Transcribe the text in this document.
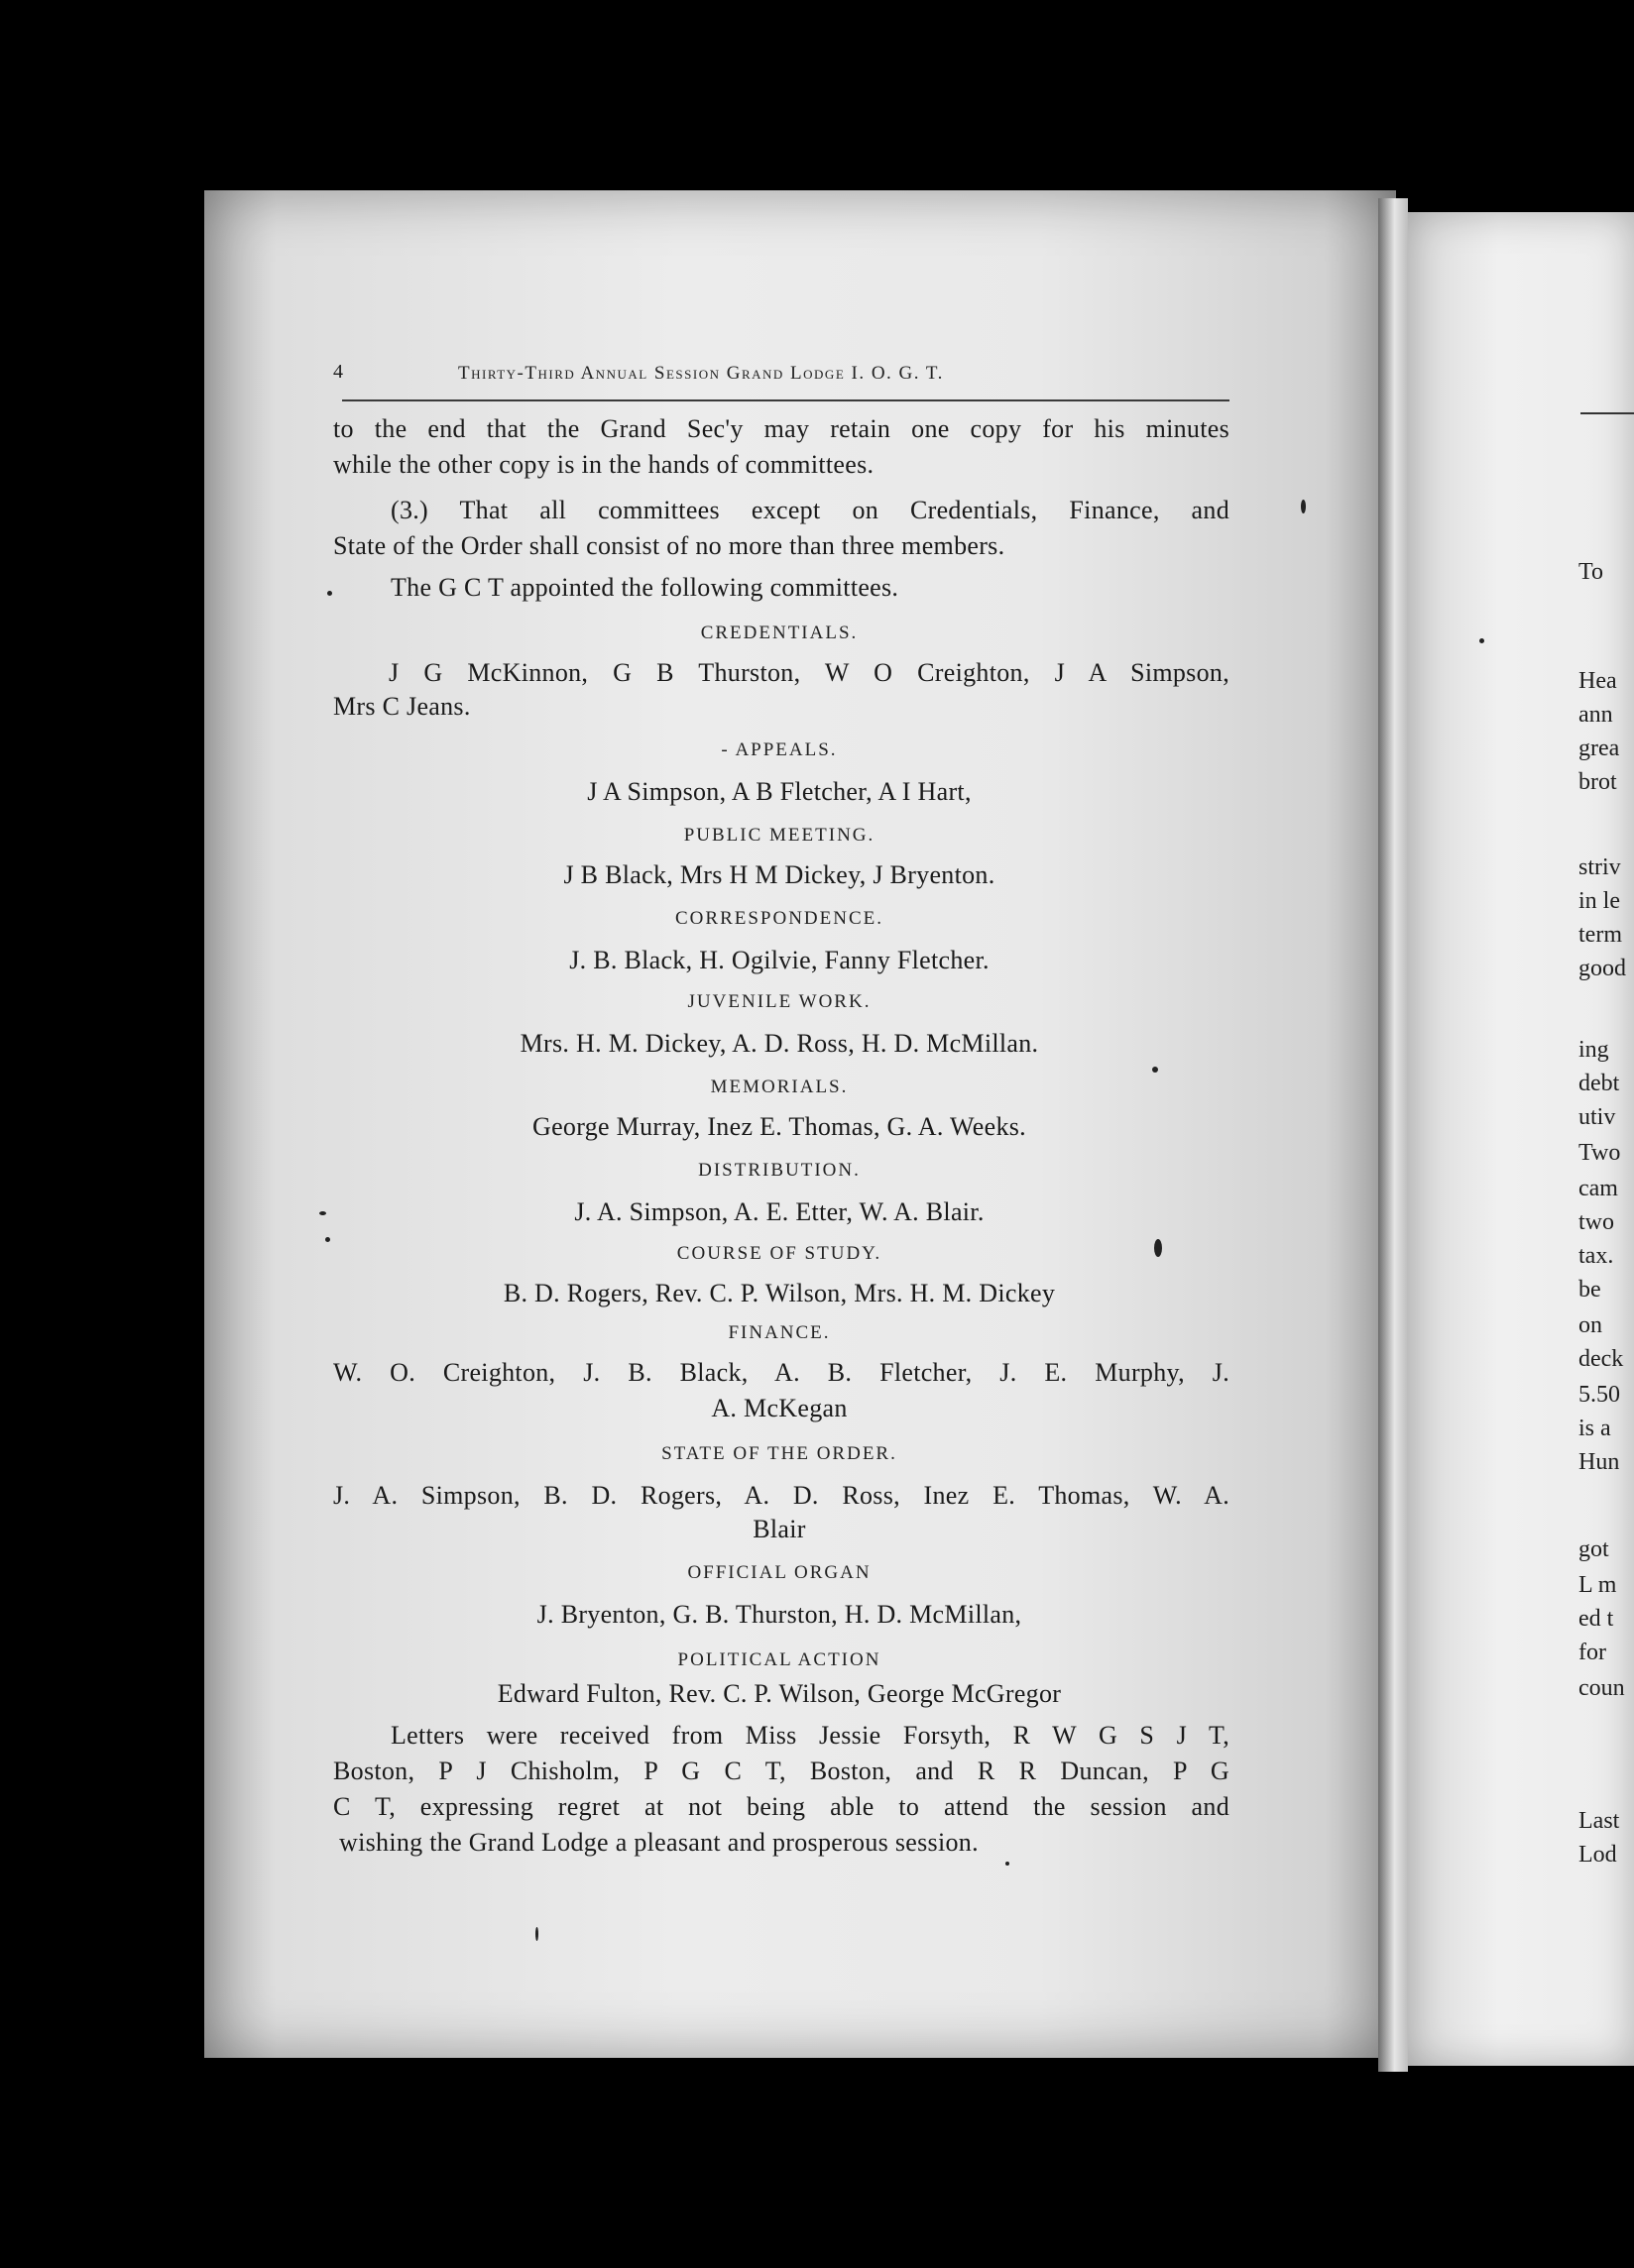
4	Thirty-Third Annual Session Grand Lodge I. O. G. T.
to the end that the Grand Sec'y may retain one copy for his minutes
while the other copy is in the hands of committees.
(3.) That all committees except on Credentials, Finance, and
State of the Order shall consist of no more than three members.
The G C T appointed the following committees.
CREDENTIALS.
J G McKinnon, G B Thurston, W O Creighton, J A Simpson,
Mrs C Jeans.
- APPEALS.
J A Simpson, A B Fletcher, A I Hart,
PUBLIC MEETING.
J B Black, Mrs H M Dickey, J Bryenton.
CORRESPONDENCE.
J. B. Black, H. Ogilvie, Fanny Fletcher.
JUVENILE WORK.
Mrs. H. M. Dickey, A. D. Ross, H. D. McMillan.
MEMORIALS.
George Murray, Inez E. Thomas, G. A. Weeks.
DISTRIBUTION.
J. A. Simpson, A. E. Etter, W. A. Blair.
COURSE OF STUDY.
B. D. Rogers, Rev. C. P. Wilson, Mrs. H. M. Dickey
FINANCE.
W. O. Creighton, J. B. Black, A. B. Fletcher, J. E. Murphy, J.
A. McKegan
STATE OF THE ORDER.
J. A. Simpson, B. D. Rogers, A. D. Ross, Inez E. Thomas, W. A.
Blair
OFFICIAL ORGAN
J. Bryenton, G. B. Thurston, H. D. McMillan,
POLITICAL ACTION
Edward Fulton, Rev. C. P. Wilson, George McGregor
Letters were received from Miss Jessie Forsyth, R W G S J T,
Boston, P J Chisholm, P G C T, Boston, and R R Duncan, P G
C T, expressing regret at not being able to attend the session and
wishing the Grand Lodge a pleasant and prosperous session.
To
Hea
ann
grea
brot
striv
in le
term
good
ing
debt
utiv
Two
cam
two
tax.
be
on
deck
5.50
is a
Hun
got
L m
ed t
for
coun
Last
Lod
